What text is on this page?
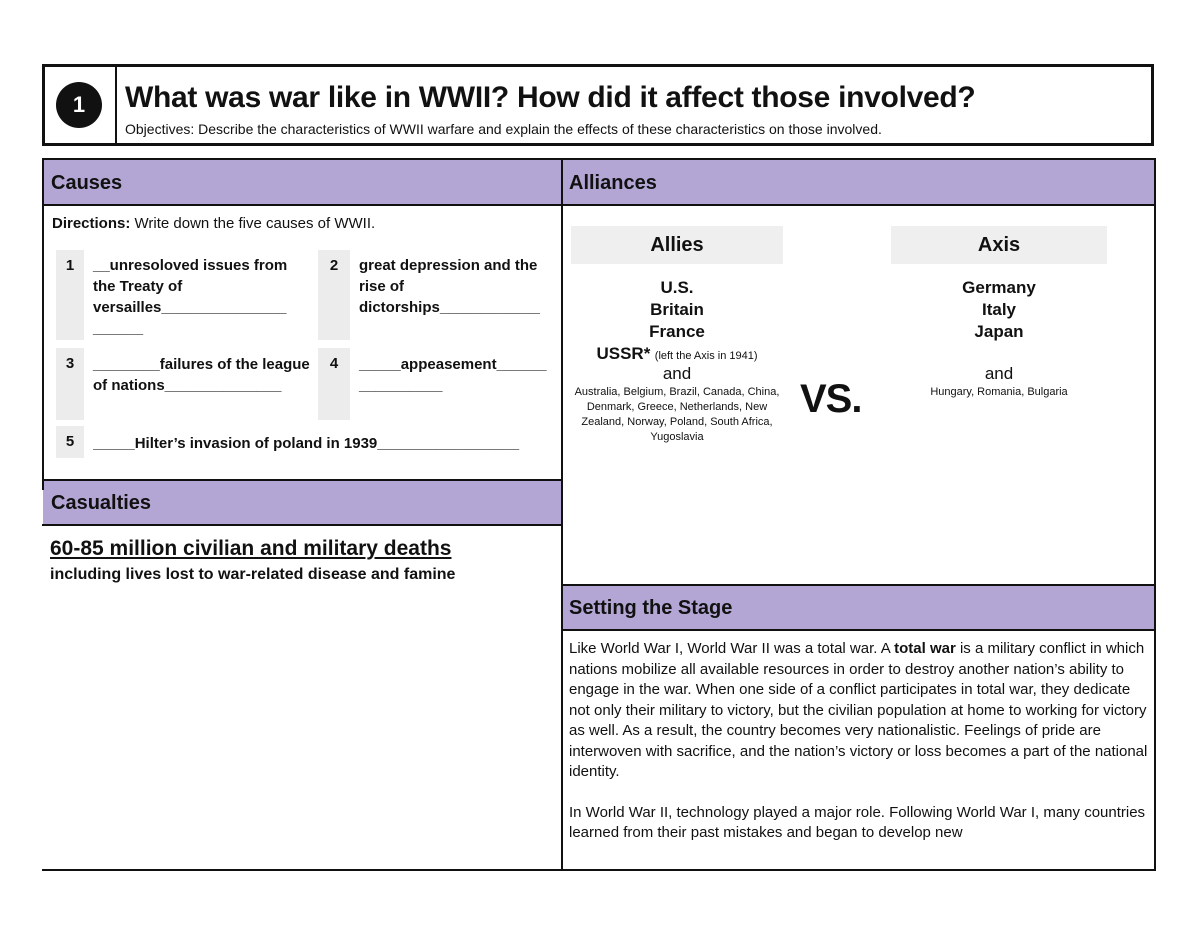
1	What was war like in WWII? How did it affect those involved?
Objectives: Describe the characteristics of WWII warfare and explain the effects of these characteristics on those involved.
Causes	Alliances
Casualties
Setting the Stage
Directions: Write down the five causes of WWII.
1	__unresoloved issues from the Treaty of versailles_______________ ______
2	great depression and the rise of dictorships____________
3	________failures of the league of nations______________
4	_____appeasement______ __________
5	_____Hilter’s invasion of poland in 1939_________________
Allies	Axis
U.S.
Britain
France
USSR* (left the Axis in 1941)
and
Australia, Belgium, Brazil, Canada, China, Denmark, Greece, Netherlands, New Zealand, Norway, Poland, South Africa, Yugoslavia
VS.
Germany
Italy
Japan
and
Hungary, Romania, Bulgaria
60-85 million civilian and military deaths
including lives lost to war-related disease and famine

Like World War I, World War II was a total war. A total war is a military conflict in which nations mobilize all available resources in order to destroy another nation’s ability to engage in the war. When one side of a conflict participates in total war, they dedicate not only their military to victory, but the civilian population at home to working for victory as well. As a result, the country becomes very nationalistic. Feelings of pride are interwoven with sacrifice, and the nation’s victory or loss becomes a part of the national identity.

In World War II, technology played a major role. Following World War I, many countries learned from their past mistakes and began to develop new
